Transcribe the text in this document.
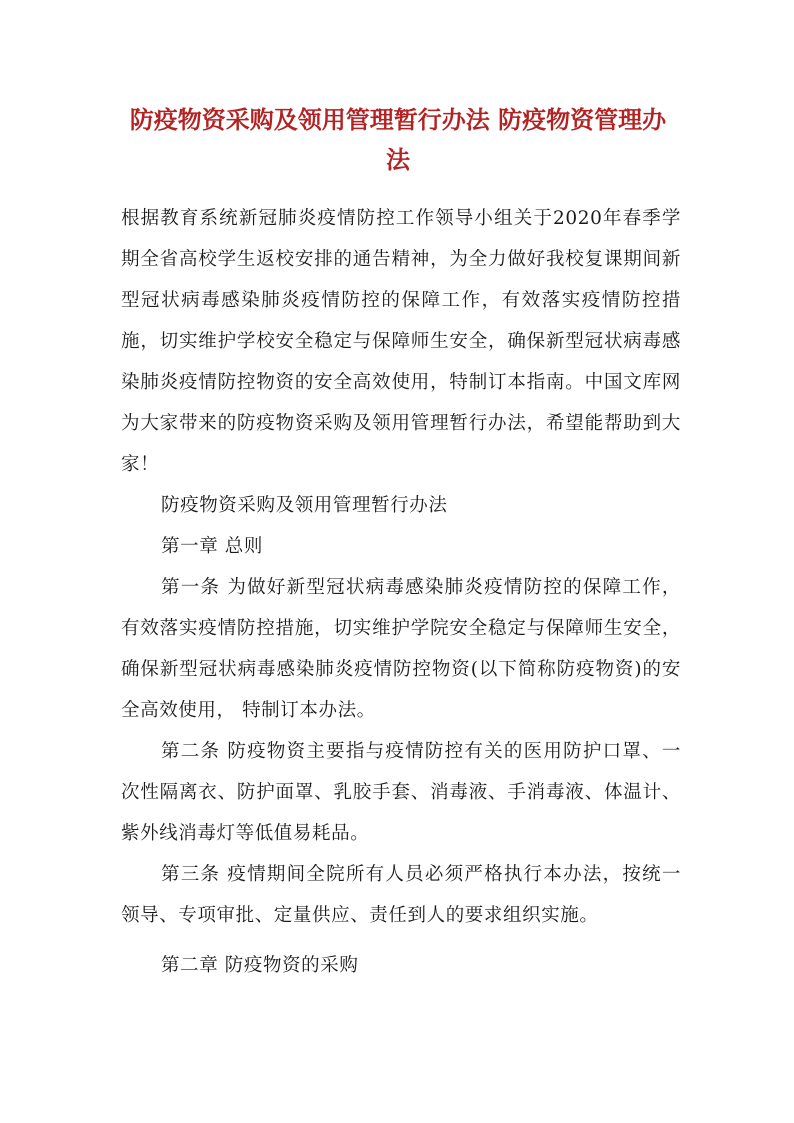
防疫物资采购及领用管理暂行办法 防疫物资管理办法

根据教育系统新冠肺炎疫情防控工作领导小组关于2020年春季学期全省高校学生返校安排的通告精神，为全力做好我校复课期间新型冠状病毒感染肺炎疫情防控的保障工作，有效落实疫情防控措施，切实维护学校安全稳定与保障师生安全，确保新型冠状病毒感染肺炎疫情防控物资的安全高效使用，特制订本指南。中国文库网为大家带来的防疫物资采购及领用管理暂行办法，希望能帮助到大家！

防疫物资采购及领用管理暂行办法

第一章 总则

第一条 为做好新型冠状病毒感染肺炎疫情防控的保障工作，有效落实疫情防控措施，切实维护学院安全稳定与保障师生安全，确保新型冠状病毒感染肺炎疫情防控物资(以下简称防疫物资)的安全高效使用， 特制订本办法。

第二条 防疫物资主要指与疫情防控有关的医用防护口罩、一次性隔离衣、防护面罩、乳胶手套、消毒液、手消毒液、体温计、紫外线消毒灯等低值易耗品。

第三条 疫情期间全院所有人员必须严格执行本办法，按统一领导、专项审批、定量供应、责任到人的要求组织实施。

第二章 防疫物资的采购
